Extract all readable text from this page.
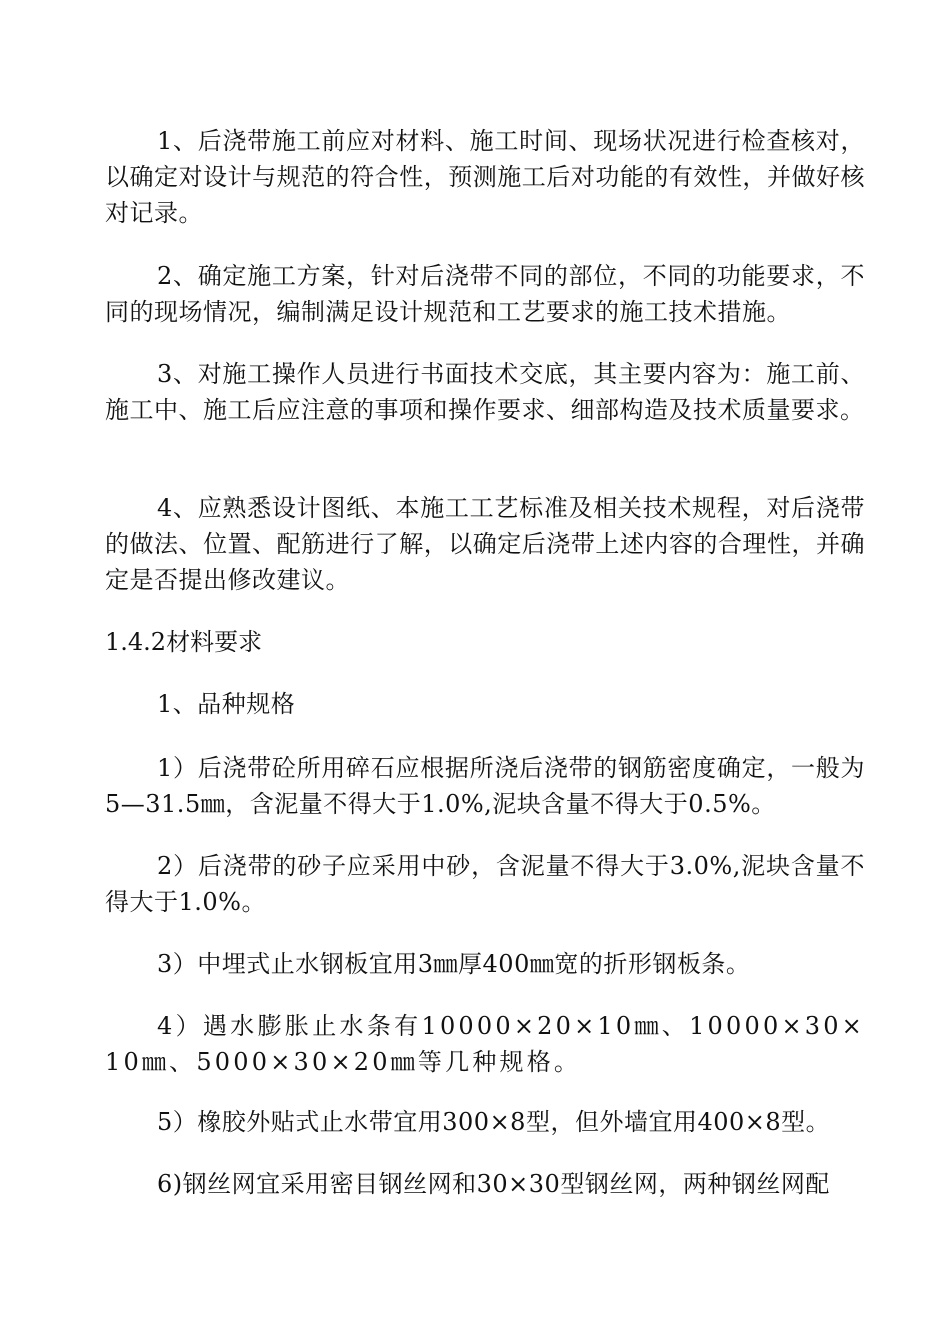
1、后浇带施工前应对材料、施工时间、现场状况进行检查核对，以确定对设计与规范的符合性，预测施工后对功能的有效性，并做好核对记录。

2、确定施工方案，针对后浇带不同的部位，不同的功能要求，不同的现场情况，编制满足设计规范和工艺要求的施工技术措施。

3、对施工操作人员进行书面技术交底，其主要内容为：施工前、施工中、施工后应注意的事项和操作要求、细部构造及技术质量要求。

4、应熟悉设计图纸、本施工工艺标准及相关技术规程，对后浇带的做法、位置、配筋进行了解，以确定后浇带上述内容的合理性，并确定是否提出修改建议。

1.4.2材料要求

1、品种规格

1）后浇带砼所用碎石应根据所浇后浇带的钢筋密度确定，一般为5—31.5㎜，含泥量不得大于1.0%,泥块含量不得大于0.5%。

2）后浇带的砂子应采用中砂，含泥量不得大于3.0%,泥块含量不得大于1.0%。

3）中埋式止水钢板宜用3㎜厚400㎜宽的折形钢板条。

4）遇水膨胀止水条有10000×20×10㎜、10000×30×10㎜、5000×30×20㎜等几种规格。

5）橡胶外贴式止水带宜用300×8型，但外墙宜用400×8型。

6)钢丝网宜采用密目钢丝网和30×30型钢丝网，两种钢丝网配
